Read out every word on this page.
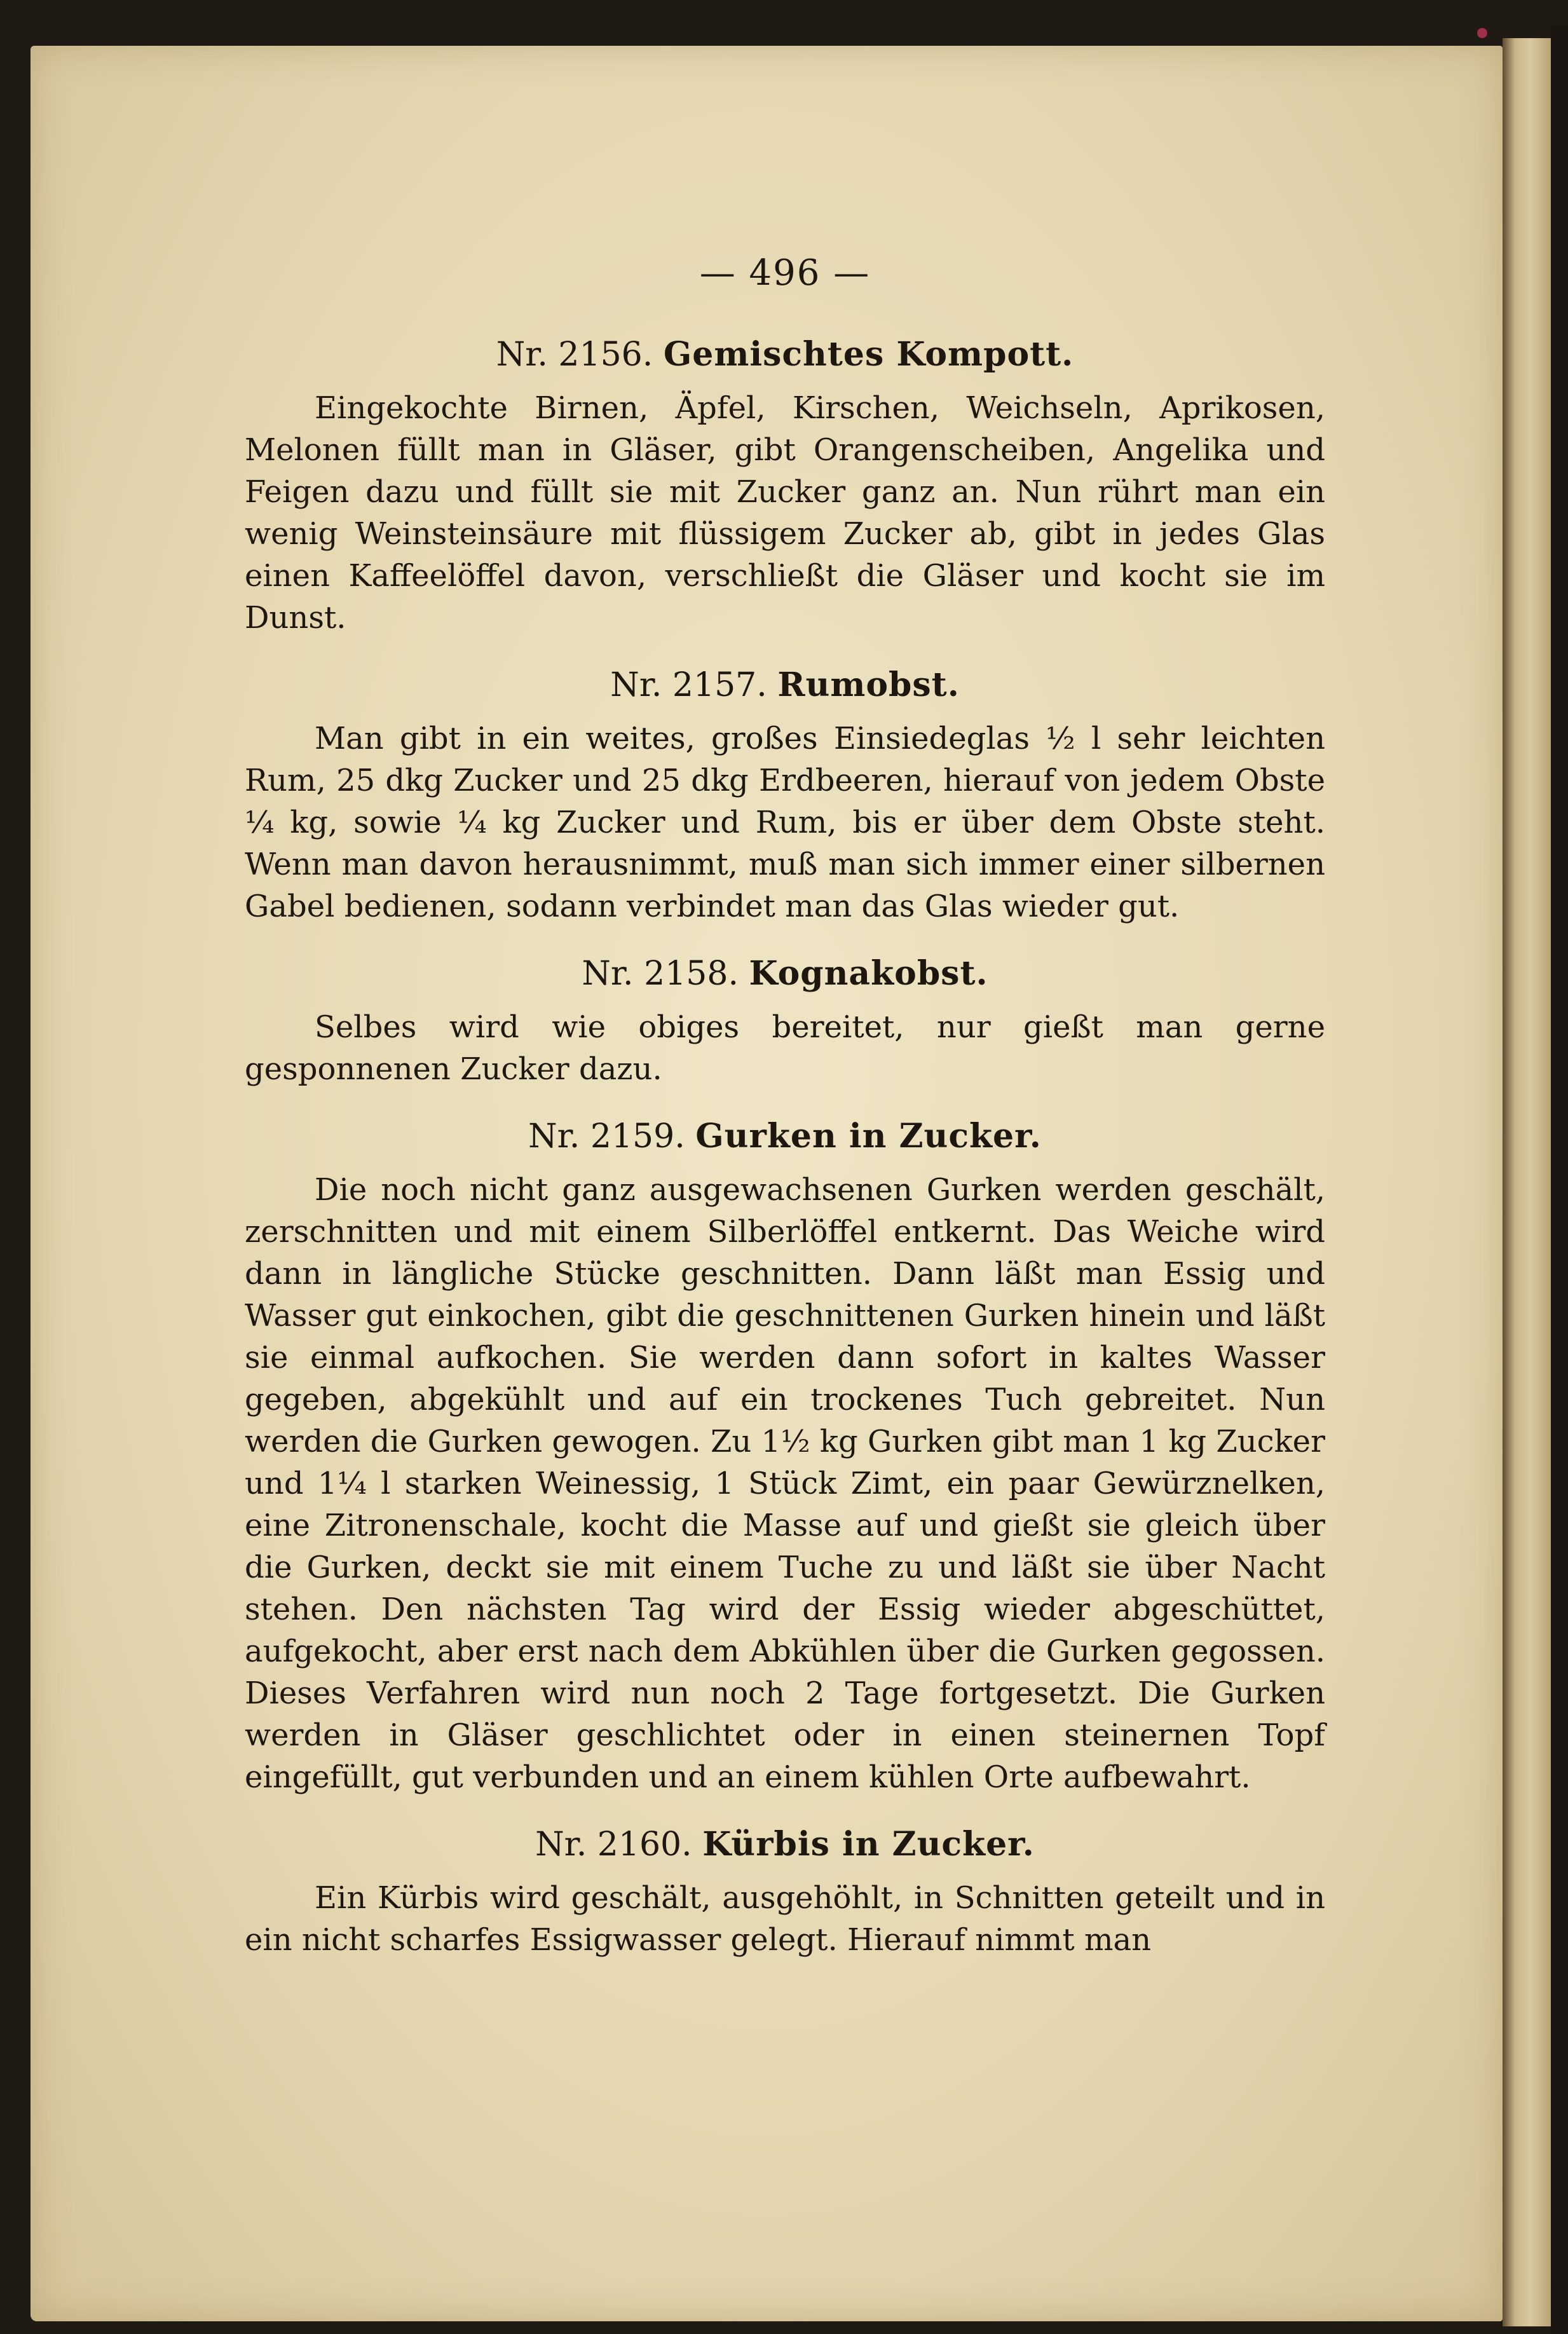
— 496 —
Nr. 2156. Gemischtes Kompott.

Eingekochte Birnen, Äpfel, Kirschen, Weichseln, Aprikosen, Melonen füllt man in Gläser, gibt Orangenscheiben, Angelika und Feigen dazu und füllt sie mit Zucker ganz an. Nun rührt man ein wenig Weinsteinsäure mit flüssigem Zucker ab, gibt in jedes Glas einen Kaffeelöffel davon, verschließt die Gläser und kocht sie im Dunst.

Nr. 2157. Rumobst.

Man gibt in ein weites, großes Einsiedeglas ½ l sehr leichten Rum, 25 dkg Zucker und 25 dkg Erdbeeren, hierauf von jedem Obste ¼ kg, sowie ¼ kg Zucker und Rum, bis er über dem Obste steht. Wenn man davon herausnimmt, muß man sich immer einer silbernen Gabel bedienen, sodann verbindet man das Glas wieder gut.

Nr. 2158. Kognakobst.

Selbes wird wie obiges bereitet, nur gießt man gerne gesponnenen Zucker dazu.

Nr. 2159. Gurken in Zucker.

Die noch nicht ganz ausgewachsenen Gurken werden geschält, zerschnitten und mit einem Silberlöffel entkernt. Das Weiche wird dann in längliche Stücke geschnitten. Dann läßt man Essig und Wasser gut einkochen, gibt die geschnittenen Gurken hinein und läßt sie einmal aufkochen. Sie werden dann sofort in kaltes Wasser gegeben, abgekühlt und auf ein trockenes Tuch gebreitet. Nun werden die Gurken gewogen. Zu 1½ kg Gurken gibt man 1 kg Zucker und 1¼ l starken Weinessig, 1 Stück Zimt, ein paar Gewürznelken, eine Zitronenschale, kocht die Masse auf und gießt sie gleich über die Gurken, deckt sie mit einem Tuche zu und läßt sie über Nacht stehen. Den nächsten Tag wird der Essig wieder abgeschüttet, aufgekocht, aber erst nach dem Abkühlen über die Gurken gegossen. Dieses Verfahren wird nun noch 2 Tage fortgesetzt. Die Gurken werden in Gläser geschlichtet oder in einen steinernen Topf eingefüllt, gut verbunden und an einem kühlen Orte aufbewahrt.

Nr. 2160. Kürbis in Zucker.

Ein Kürbis wird geschält, ausgehöhlt, in Schnitten geteilt und in ein nicht scharfes Essigwasser gelegt. Hierauf nimmt man
